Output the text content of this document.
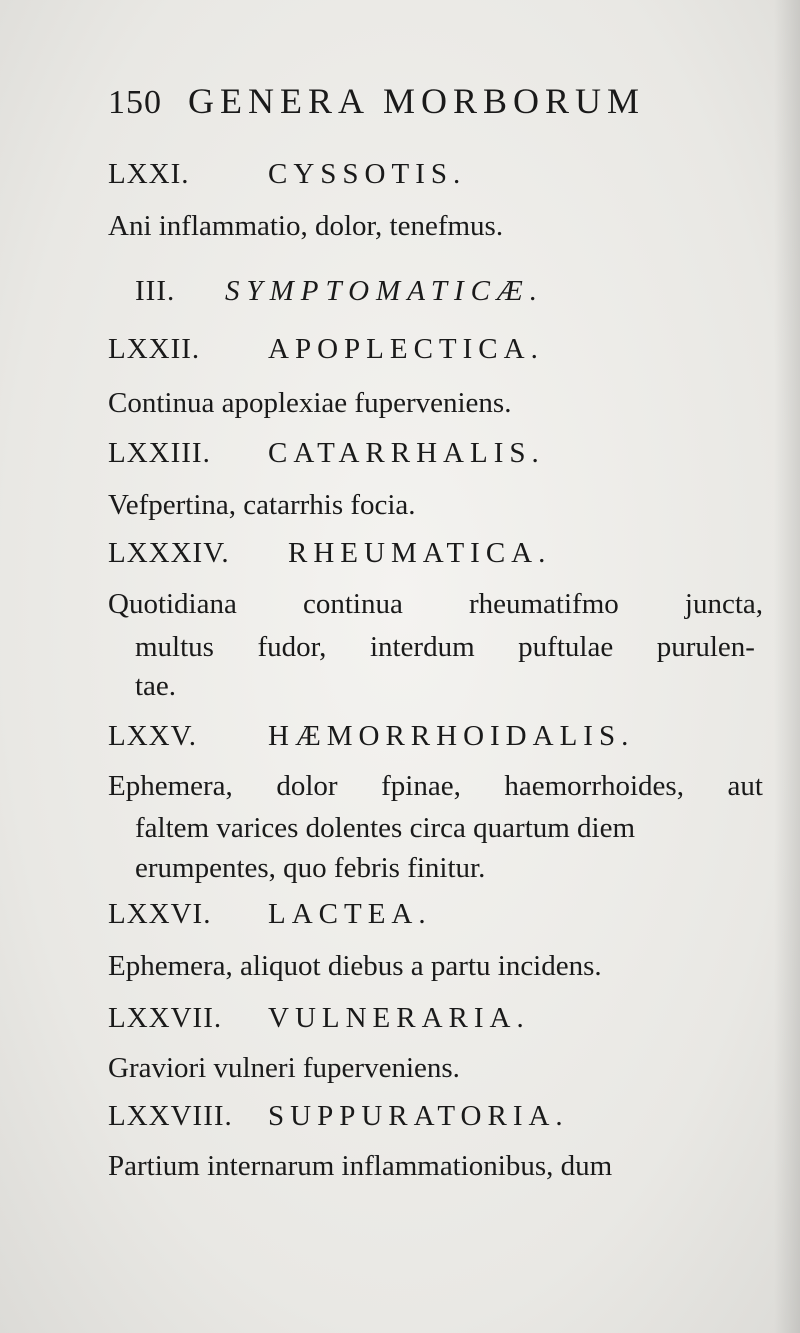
150 GENERA MORBORUM
LXXI.	CYSSOTIS.
Ani inflammatio, dolor, tenefmus.
III.	SYMPTOMATICÆ.
LXXII.	APOPLECTICA.
Continua apoplexiae fuperveniens.
LXXIII.	CATARRHALIS.
Vefpertina, catarrhis focia.
LXXXIV.	RHEUMATICA.
Quotidiana continua rheumatifmo juncta,
multus fudor, interdum puftulae purulen-
tae.
LXXV.	HÆMORRHOIDALIS.
Ephemera, dolor fpinae, haemorrhoides, aut
faltem varices dolentes circa quartum diem
erumpentes, quo febris finitur.
LXXVI.	LACTEA.
Ephemera, aliquot diebus a partu incidens.
LXXVII.	VULNERARIA.
Graviori vulneri fuperveniens.
LXXVIII.	SUPPURATORIA.
Partium internarum inflammationibus, dum
